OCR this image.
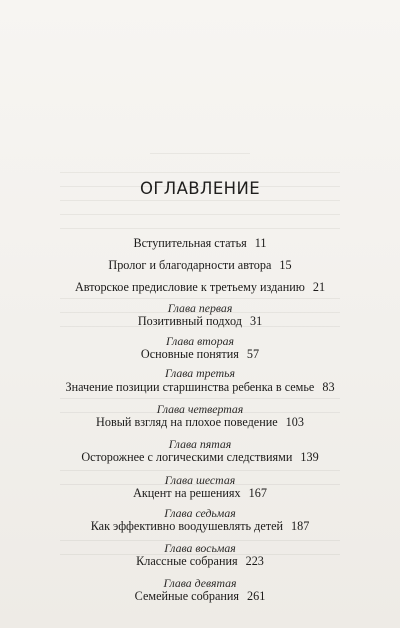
ОГЛАВЛЕНИЕ
Вступительная статья 11
Пролог и благодарности автора 15
Авторское предисловие к третьему изданию 21
Глава первая
Позитивный подход 31
Глава вторая
Основные понятия 57
Глава третья
Значение позиции старшинства ребенка в семье 83
Глава четвертая
Новый взгляд на плохое поведение 103
Глава пятая
Осторожнее с логическими следствиями 139
Глава шестая
Акцент на решениях 167
Глава седьмая
Как эффективно воодушевлять детей 187
Глава восьмая
Классные собрания 223
Глава девятая
Семейные собрания 261
